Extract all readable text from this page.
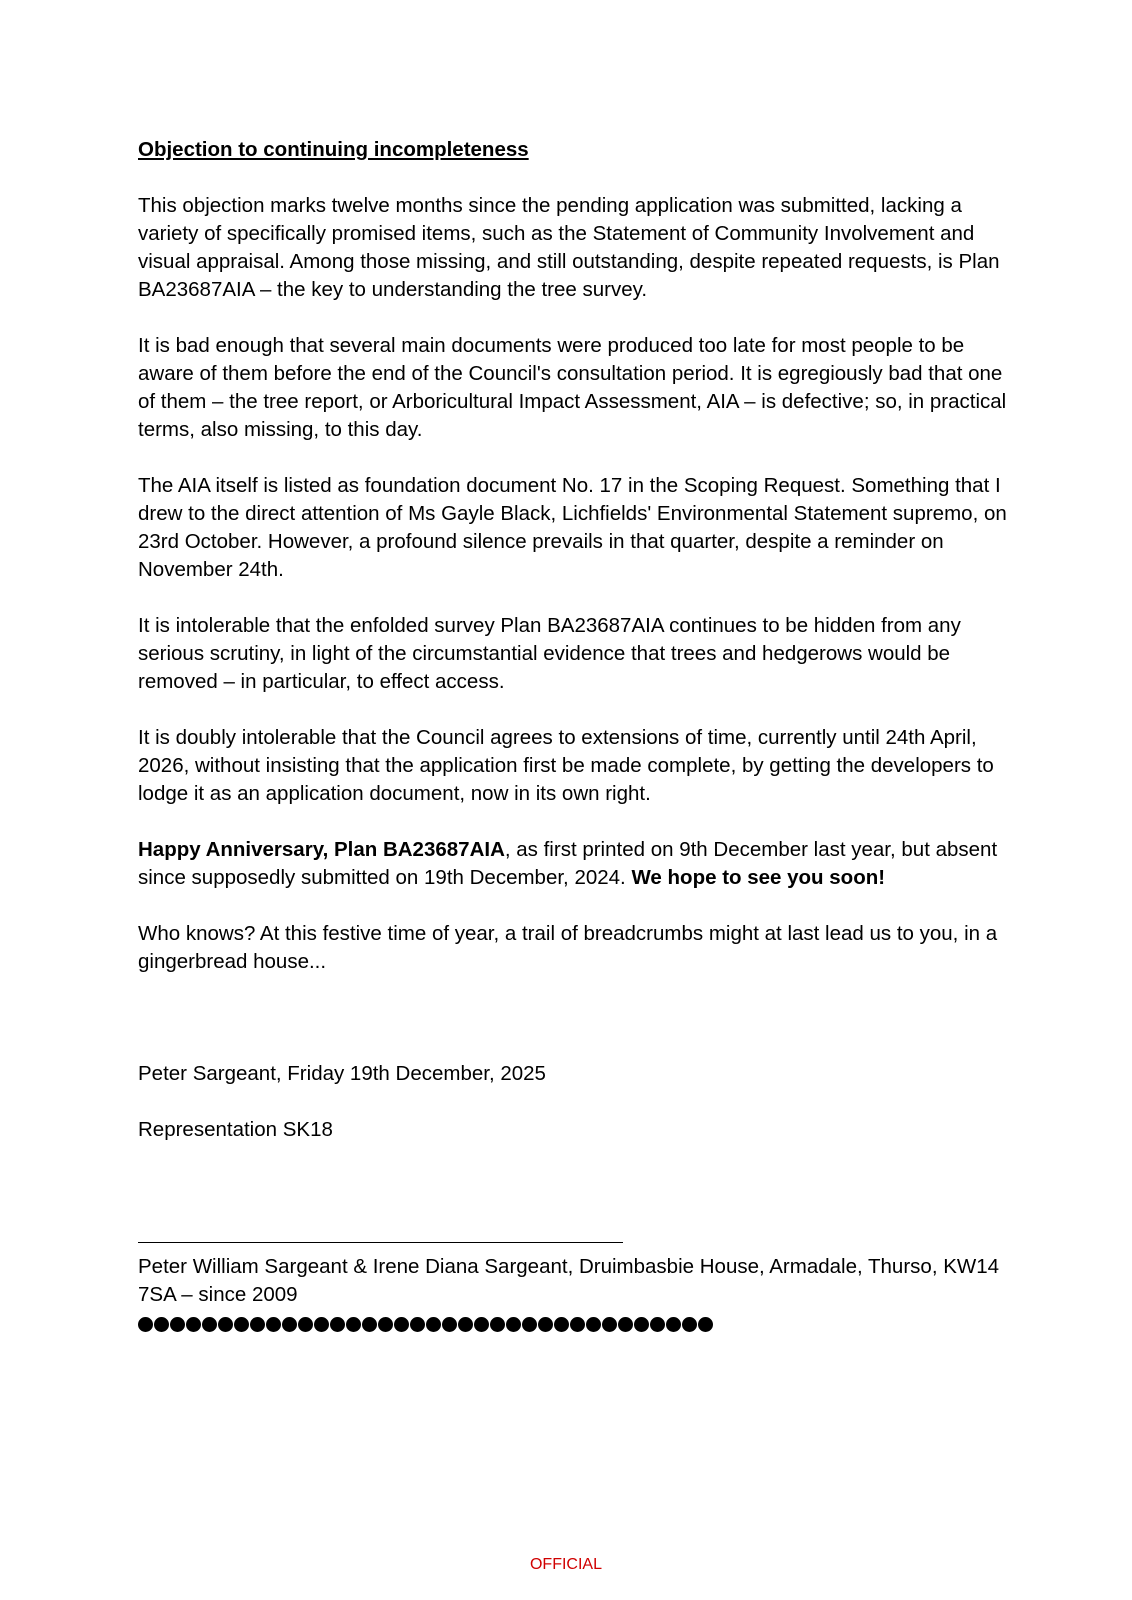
Objection to continuing incompleteness

This objection marks twelve months since the pending application was submitted, lacking a variety of specifically promised items, such as the Statement of Community Involvement and visual appraisal. Among those missing, and still outstanding, despite repeated requests, is Plan BA23687AIA – the key to understanding the tree survey.

It is bad enough that several main documents were produced too late for most people to be aware of them before the end of the Council's consultation period. It is egregiously bad that one of them – the tree report, or Arboricultural Impact Assessment, AIA – is defective; so, in practical terms, also missing, to this day.

The AIA itself is listed as foundation document No. 17 in the Scoping Request. Something that I drew to the direct attention of Ms Gayle Black, Lichfields' Environmental Statement supremo, on 23rd October. However, a profound silence prevails in that quarter, despite a reminder on November 24th.

It is intolerable that the enfolded survey Plan BA23687AIA continues to be hidden from any serious scrutiny, in light of the circumstantial evidence that trees and hedgerows would be removed – in particular, to effect access.

It is doubly intolerable that the Council agrees to extensions of time, currently until 24th April, 2026, without insisting that the application first be made complete, by getting the developers to lodge it as an application document, now in its own right.

Happy Anniversary, Plan BA23687AIA, as first printed on 9th December last year, but absent since supposedly submitted on 19th December, 2024. We hope to see you soon!

Who knows? At this festive time of year, a trail of breadcrumbs might at last lead us to you, in a gingerbread house...

Peter Sargeant, Friday 19th December, 2025

Representation SK18

Peter William Sargeant & Irene Diana Sargeant, Druimbasbie House, Armadale, Thurso, KW14 7SA – since 2009

OFFICIAL
